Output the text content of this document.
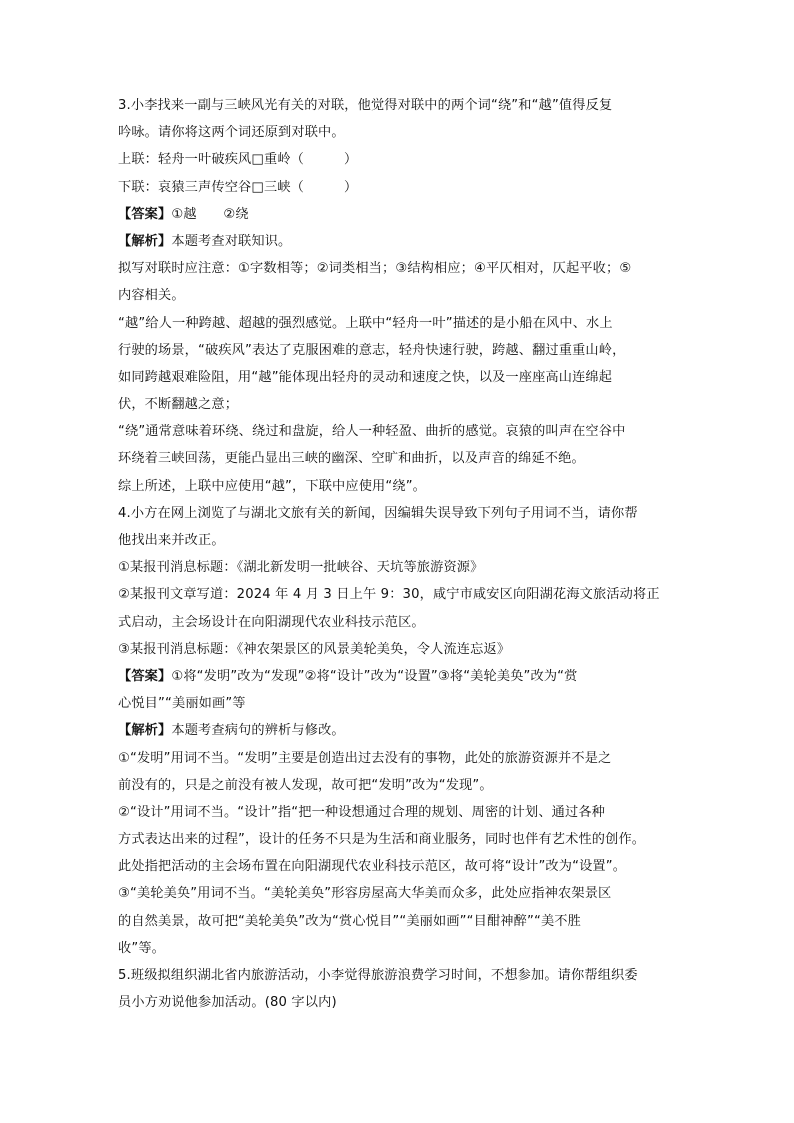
3.小李找来一副与三峡风光有关的对联，他觉得对联中的两个词“绕”和“越”值得反复
吟咏。请你将这两个词还原到对联中。
上联：轻舟一叶破疾风□重岭（　　　）
下联：哀猿三声传空谷□三峡（　　　）
【答案】①越　　②绕
【解析】本题考查对联知识。
拟写对联时应注意：①字数相等；②词类相当；③结构相应；④平仄相对，仄起平收；⑤
内容相关。
“越”给人一种跨越、超越的强烈感觉。上联中“轻舟一叶”描述的是小船在风中、水上
行驶的场景，“破疾风”表达了克服困难的意志，轻舟快速行驶，跨越、翻过重重山岭，
如同跨越艰难险阻，用“越”能体现出轻舟的灵动和速度之快，以及一座座高山连绵起
伏，不断翻越之意；
“绕”通常意味着环绕、绕过和盘旋，给人一种轻盈、曲折的感觉。哀猿的叫声在空谷中
环绕着三峡回荡，更能凸显出三峡的幽深、空旷和曲折，以及声音的绵延不绝。
综上所述，上联中应使用“越”，下联中应使用“绕”。
4.小方在网上浏览了与湖北文旅有关的新闻，因编辑失误导致下列句子用词不当，请你帮
他找出来并改正。
①某报刊消息标题：《湖北新发明一批峡谷、天坑等旅游资源》
②某报刊文章写道：2024 年 4 月 3 日上午 9：30，咸宁市咸安区向阳湖花海文旅活动将正
式启动，主会场设计在向阳湖现代农业科技示范区。
③某报刊消息标题：《神农架景区的风景美轮美奂，令人流连忘返》
【答案】①将“发明”改为“发现”②将“设计”改为“设置”③将“美轮美奂”改为“赏
心悦目”“美丽如画”等
【解析】本题考查病句的辨析与修改。
①“发明”用词不当。“发明”主要是创造出过去没有的事物，此处的旅游资源并不是之
前没有的，只是之前没有被人发现，故可把“发明”改为“发现”。
②“设计”用词不当。“设计”指“把一种设想通过合理的规划、周密的计划、通过各种
方式表达出来的过程”，设计的任务不只是为生活和商业服务，同时也伴有艺术性的创作。
此处指把活动的主会场布置在向阳湖现代农业科技示范区，故可将“设计”改为“设置”。
③“美轮美奂”用词不当。“美轮美奂”形容房屋高大华美而众多，此处应指神农架景区
的自然美景，故可把“美轮美奂”改为“赏心悦目”“美丽如画”“目酣神醉”“美不胜
收”等。
5.班级拟组织湖北省内旅游活动，小李觉得旅游浪费学习时间，不想参加。请你帮组织委
员小方劝说他参加活动。(80 字以内)
